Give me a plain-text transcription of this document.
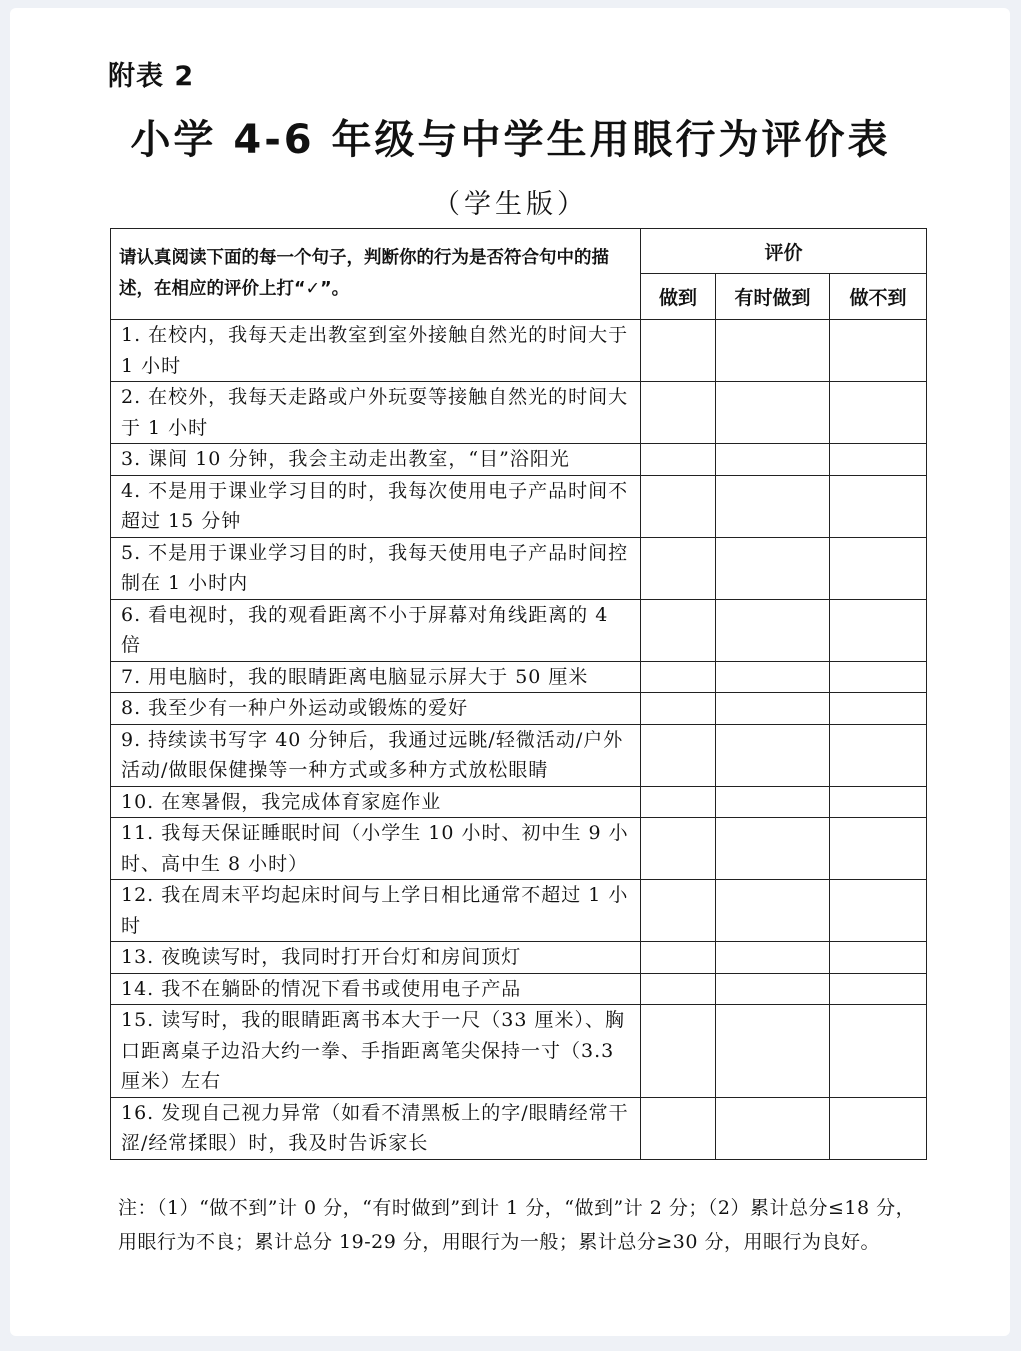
附表 2
小学 4-6 年级与中学生用眼行为评价表
（学生版）
请认真阅读下面的每一个句子，判断你的行为是否符合句中的描述，在相应的评价上打“✓”。	评价		
	做到	有时做到	做不到
1. 在校内，我每天走出教室到室外接触自然光的时间大于 1 小时			
2. 在校外，我每天走路或户外玩耍等接触自然光的时间大于 1 小时			
3. 课间 10 分钟，我会主动走出教室，“目”浴阳光			
4. 不是用于课业学习目的时，我每次使用电子产品时间不超过 15 分钟			
5. 不是用于课业学习目的时，我每天使用电子产品时间控制在 1 小时内			
6. 看电视时，我的观看距离不小于屏幕对角线距离的 4 倍			
7. 用电脑时，我的眼睛距离电脑显示屏大于 50 厘米			
8. 我至少有一种户外运动或锻炼的爱好			
9. 持续读书写字 40 分钟后，我通过远眺/轻微活动/户外活动/做眼保健操等一种方式或多种方式放松眼睛			
10. 在寒暑假，我完成体育家庭作业			
11. 我每天保证睡眠时间（小学生 10 小时、初中生 9 小时、高中生 8 小时）			
12. 我在周末平均起床时间与上学日相比通常不超过 1 小时			
13. 夜晚读写时，我同时打开台灯和房间顶灯			
14. 我不在躺卧的情况下看书或使用电子产品			
15. 读写时，我的眼睛距离书本大于一尺（33 厘米）、胸口距离桌子边沿大约一拳、手指距离笔尖保持一寸（3.3 厘米）左右			
16. 发现自己视力异常（如看不清黑板上的字/眼睛经常干涩/经常揉眼）时，我及时告诉家长			
注：（1）“做不到”计 0 分，“有时做到”到计 1 分，“做到”计 2 分；（2）累计总分≤18 分，用眼行为不良；累计总分 19-29 分，用眼行为一般；累计总分≥30 分，用眼行为良好。
